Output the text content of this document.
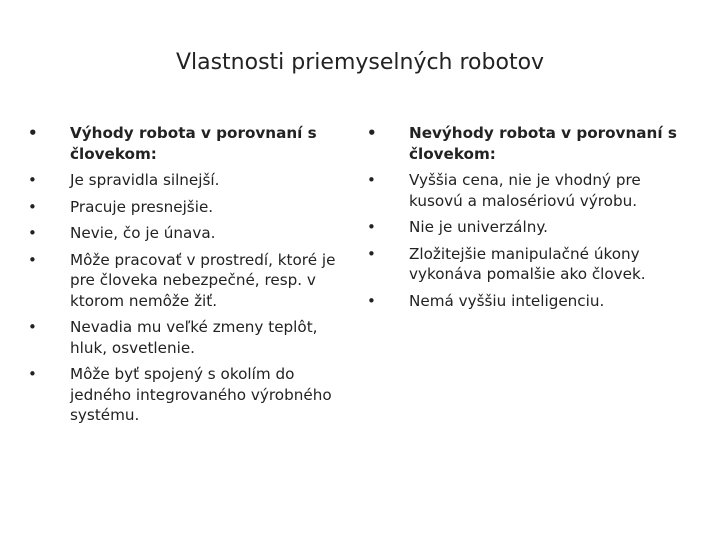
Vlastnosti priemyselných robotov
• Výhody robota v porovnaní s človekom:
•	Je spravidla silnejší.
•	Pracuje presnejšie.
•	Nevie, čo je únava.
•	Môže pracovať v prostredí, ktoré je pre človeka nebezpečné, resp. v ktorom nemôže žiť.
•	Nevadia mu veľké zmeny teplôt, hluk, osvetlenie.
•	Môže byť spojený s okolím do jedného integrovaného výrobného systému.
• Nevýhody robota v porovnaní s človekom:
•	Vyššia cena, nie je vhodný pre kusovú a malosériovú výrobu.
•	Nie je univerzálny.
•	Zložitejšie manipulačné úkony vykonáva pomalšie ako človek.
•	Nemá vyššiu inteligenciu.
